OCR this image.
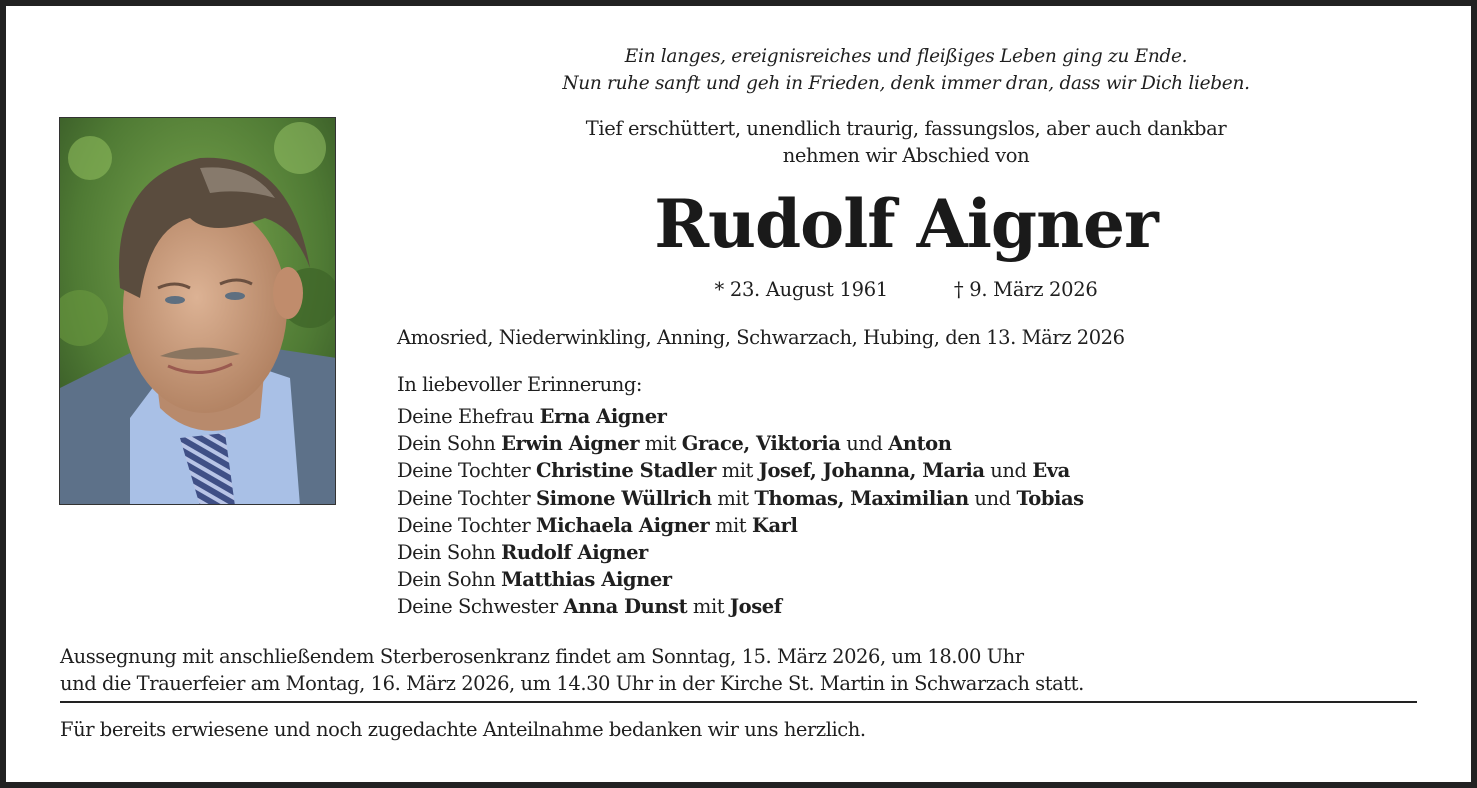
Ein langes, ereignisreiches und fleißiges Leben ging zu Ende.
Nun ruhe sanft und geh in Frieden, denk immer dran, dass wir Dich lieben.
Tief erschüttert, unendlich traurig, fassungslos, aber auch dankbar
nehmen wir Abschied von
Rudolf Aigner
* 23. August 1961	† 9. März 2026
Amosried, Niederwinkling, Anning, Schwarzach, Hubing, den 13. März 2026
In liebevoller Erinnerung:
Deine Ehefrau Erna Aigner
Dein Sohn Erwin Aigner mit Grace, Viktoria und Anton
Deine Tochter Christine Stadler mit Josef, Johanna, Maria und Eva
Deine Tochter Simone Wüllrich mit Thomas, Maximilian und Tobias
Deine Tochter Michaela Aigner mit Karl
Dein Sohn Rudolf Aigner
Dein Sohn Matthias Aigner
Deine Schwester Anna Dunst mit Josef
Aussegnung mit anschließendem Sterberosenkranz findet am Sonntag, 15. März 2026, um 18.00 Uhr
und die Trauerfeier am Montag, 16. März 2026, um 14.30 Uhr in der Kirche St. Martin in Schwarzach statt.
Für bereits erwiesene und noch zugedachte Anteilnahme bedanken wir uns herzlich.
